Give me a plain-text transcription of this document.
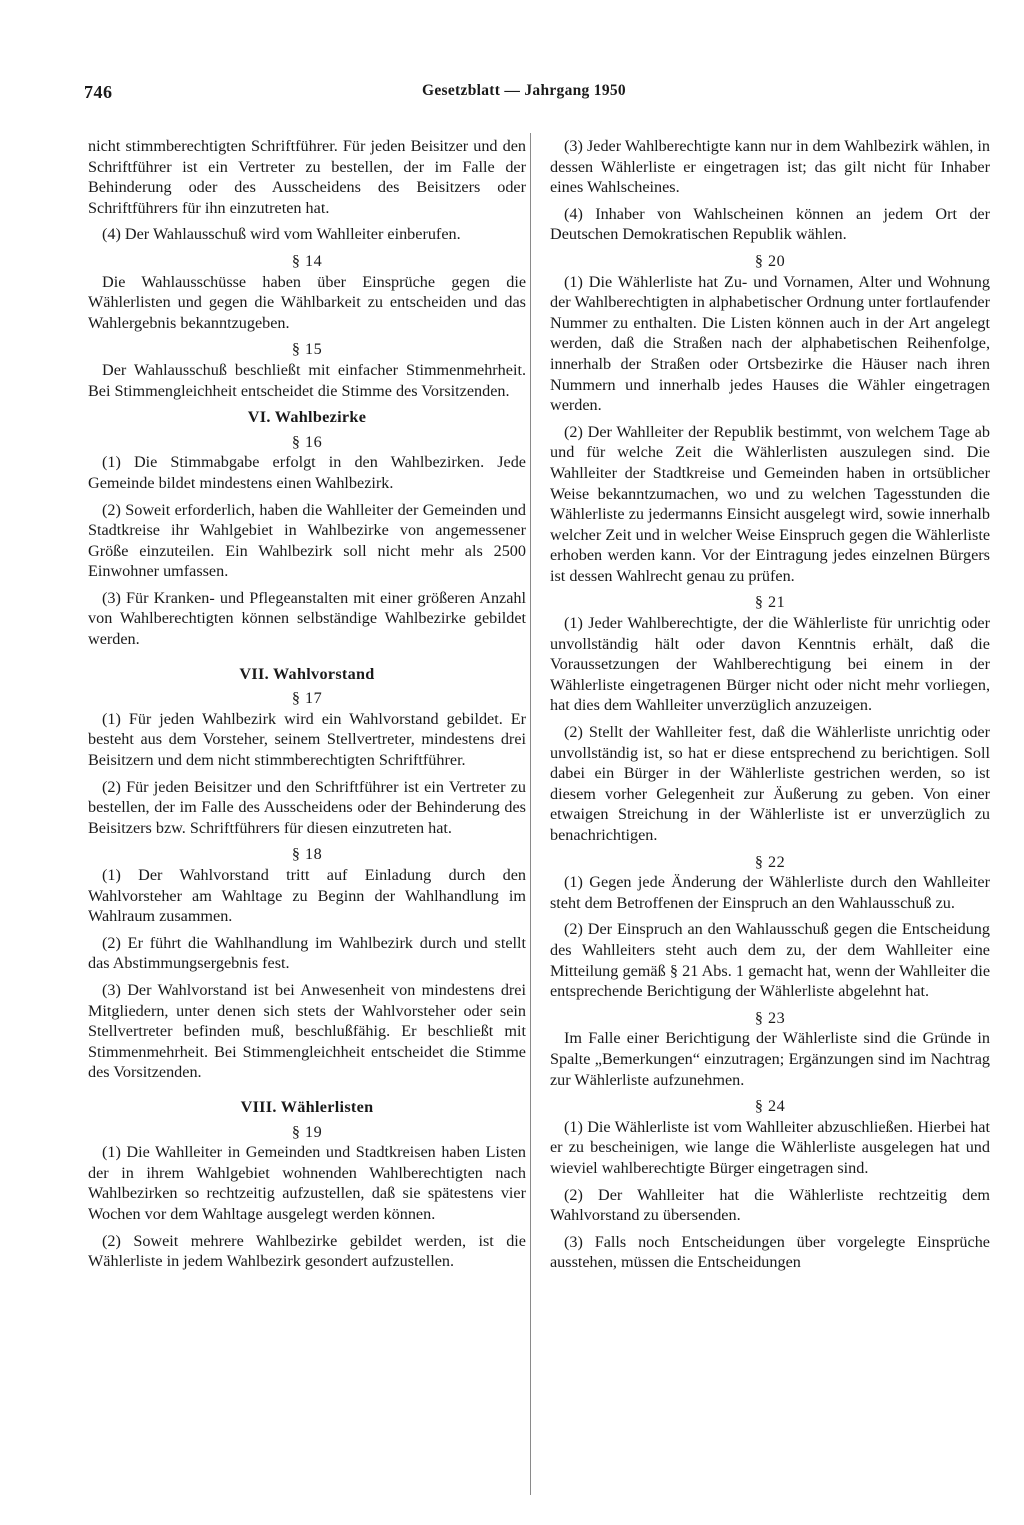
746	Gesetzblatt — Jahrgang 1950

nicht stimmberechtigten Schriftführer. Für jeden Beisitzer und den Schriftführer ist ein Vertreter zu bestellen, der im Falle der Behinderung oder des Ausscheidens des Beisitzers oder Schriftführers für ihn einzutreten hat.

(4) Der Wahlausschuß wird vom Wahlleiter einberufen.

§ 14

Die Wahlausschüsse haben über Einsprüche gegen die Wählerlisten und gegen die Wählbarkeit zu entscheiden und das Wahlergebnis bekanntzugeben.

§ 15

Der Wahlausschuß beschließt mit einfacher Stimmenmehrheit. Bei Stimmengleichheit entscheidet die Stimme des Vorsitzenden.

VI. Wahlbezirke
§ 16

(1) Die Stimmabgabe erfolgt in den Wahlbezirken. Jede Gemeinde bildet mindestens einen Wahlbezirk.

(2) Soweit erforderlich, haben die Wahlleiter der Gemeinden und Stadtkreise ihr Wahlgebiet in Wahlbezirke von angemessener Größe einzuteilen. Ein Wahlbezirk soll nicht mehr als 2500 Einwohner umfassen.

(3) Für Kranken- und Pflegeanstalten mit einer größeren Anzahl von Wahlberechtigten können selbständige Wahlbezirke gebildet werden.

VII. Wahlvorstand
§ 17

(1) Für jeden Wahlbezirk wird ein Wahlvorstand gebildet. Er besteht aus dem Vorsteher, seinem Stellvertreter, mindestens drei Beisitzern und dem nicht stimmberechtigten Schriftführer.

(2) Für jeden Beisitzer und den Schriftführer ist ein Vertreter zu bestellen, der im Falle des Ausscheidens oder der Behinderung des Beisitzers bzw. Schriftführers für diesen einzutreten hat.

§ 18

(1) Der Wahlvorstand tritt auf Einladung durch den Wahlvorsteher am Wahltage zu Beginn der Wahlhandlung im Wahlraum zusammen.

(2) Er führt die Wahlhandlung im Wahlbezirk durch und stellt das Abstimmungsergebnis fest.

(3) Der Wahlvorstand ist bei Anwesenheit von mindestens drei Mitgliedern, unter denen sich stets der Wahlvorsteher oder sein Stellvertreter befinden muß, beschlußfähig. Er beschließt mit Stimmenmehrheit. Bei Stimmengleichheit entscheidet die Stimme des Vorsitzenden.

VIII. Wählerlisten
§ 19

(1) Die Wahlleiter in Gemeinden und Stadtkreisen haben Listen der in ihrem Wahlgebiet wohnenden Wahlberechtigten nach Wahlbezirken so rechtzeitig aufzustellen, daß sie spätestens vier Wochen vor dem Wahltage ausgelegt werden können.

(2) Soweit mehrere Wahlbezirke gebildet werden, ist die Wählerliste in jedem Wahlbezirk gesondert aufzustellen.

(3) Jeder Wahlberechtigte kann nur in dem Wahlbezirk wählen, in dessen Wählerliste er eingetragen ist; das gilt nicht für Inhaber eines Wahlscheines.

(4) Inhaber von Wahlscheinen können an jedem Ort der Deutschen Demokratischen Republik wählen.

§ 20

(1) Die Wählerliste hat Zu- und Vornamen, Alter und Wohnung der Wahlberechtigten in alphabetischer Ordnung unter fortlaufender Nummer zu enthalten. Die Listen können auch in der Art angelegt werden, daß die Straßen nach der alphabetischen Reihenfolge, innerhalb der Straßen oder Ortsbezirke die Häuser nach ihren Nummern und innerhalb jedes Hauses die Wähler eingetragen werden.

(2) Der Wahlleiter der Republik bestimmt, von welchem Tage ab und für welche Zeit die Wählerlisten auszulegen sind. Die Wahlleiter der Stadtkreise und Gemeinden haben in ortsüblicher Weise bekanntzumachen, wo und zu welchen Tagesstunden die Wählerliste zu jedermanns Einsicht ausgelegt wird, sowie innerhalb welcher Zeit und in welcher Weise Einspruch gegen die Wählerliste erhoben werden kann. Vor der Eintragung jedes einzelnen Bürgers ist dessen Wahlrecht genau zu prüfen.

§ 21

(1) Jeder Wahlberechtigte, der die Wählerliste für unrichtig oder unvollständig hält oder davon Kenntnis erhält, daß die Voraussetzungen der Wahlberechtigung bei einem in der Wählerliste eingetragenen Bürger nicht oder nicht mehr vorliegen, hat dies dem Wahlleiter unverzüglich anzuzeigen.

(2) Stellt der Wahlleiter fest, daß die Wählerliste unrichtig oder unvollständig ist, so hat er diese entsprechend zu berichtigen. Soll dabei ein Bürger in der Wählerliste gestrichen werden, so ist diesem vorher Gelegenheit zur Äußerung zu geben. Von einer etwaigen Streichung in der Wählerliste ist er unverzüglich zu benachrichtigen.

§ 22

(1) Gegen jede Änderung der Wählerliste durch den Wahlleiter steht dem Betroffenen der Einspruch an den Wahlausschuß zu.

(2) Der Einspruch an den Wahlausschuß gegen die Entscheidung des Wahlleiters steht auch dem zu, der dem Wahlleiter eine Mitteilung gemäß § 21 Abs. 1 gemacht hat, wenn der Wahlleiter die entsprechende Berichtigung der Wählerliste abgelehnt hat.

§ 23

Im Falle einer Berichtigung der Wählerliste sind die Gründe in Spalte „Bemerkungen“ einzutragen; Ergänzungen sind im Nachtrag zur Wählerliste aufzunehmen.

§ 24

(1) Die Wählerliste ist vom Wahlleiter abzuschließen. Hierbei hat er zu bescheinigen, wie lange die Wählerliste ausgelegen hat und wieviel wahlberechtigte Bürger eingetragen sind.

(2) Der Wahlleiter hat die Wählerliste rechtzeitig dem Wahlvorstand zu übersenden.

(3) Falls noch Entscheidungen über vorgelegte Einsprüche ausstehen, müssen die Entscheidungen
